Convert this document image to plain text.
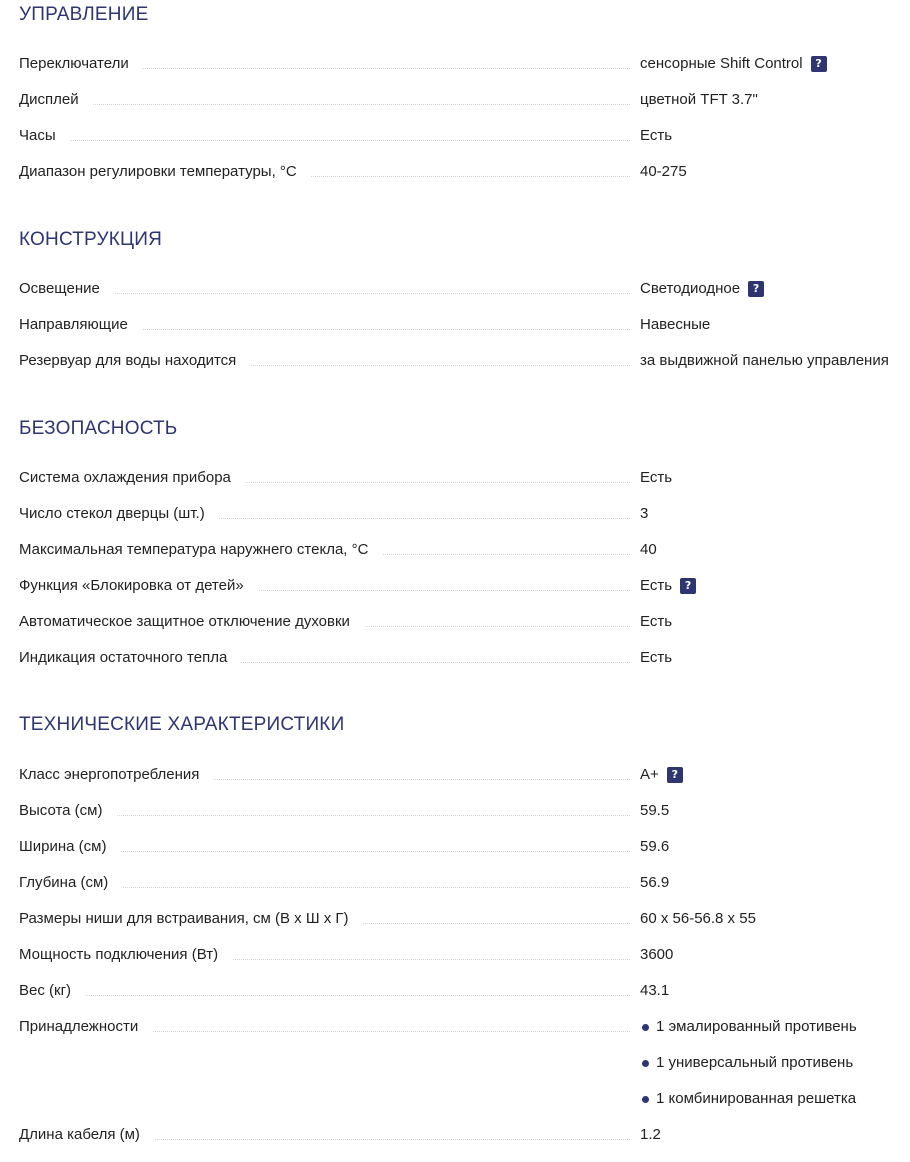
УПРАВЛЕНИЕ
Переключатели	сенсорные Shift Control	?
Дисплей	цветной TFT 3.7"
Часы	Есть
Диапазон регулировки температуры, °С	40-275
КОНСТРУКЦИЯ
Освещение	Светодиодное	?
Направляющие	Навесные
Резервуар для воды находится	за выдвижной панелью управления
БЕЗОПАСНОСТЬ
Система охлаждения прибора	Есть
Число стекол дверцы (шт.)	3
Максимальная температура наружнего стекла, °С	40
Функция «Блокировка от детей»	Есть	?
Автоматическое защитное отключение духовки	Есть
Индикация остаточного тепла	Есть
ТЕХНИЧЕСКИЕ ХАРАКТЕРИСТИКИ
Класс энергопотребления	A+	?
Высота (см)	59.5
Ширина (см)	59.6
Глубина (см)	56.9
Размеры ниши для встраивания, см (В х Ш х Г)	60 x 56-56.8 x 55
Мощность подключения (Вт)	3600
Вес (кг)	43.1
Принадлежности	1 эмалированный противень
1 универсальный противень
1 комбинированная решетка
Длина кабеля (м)	1.2
